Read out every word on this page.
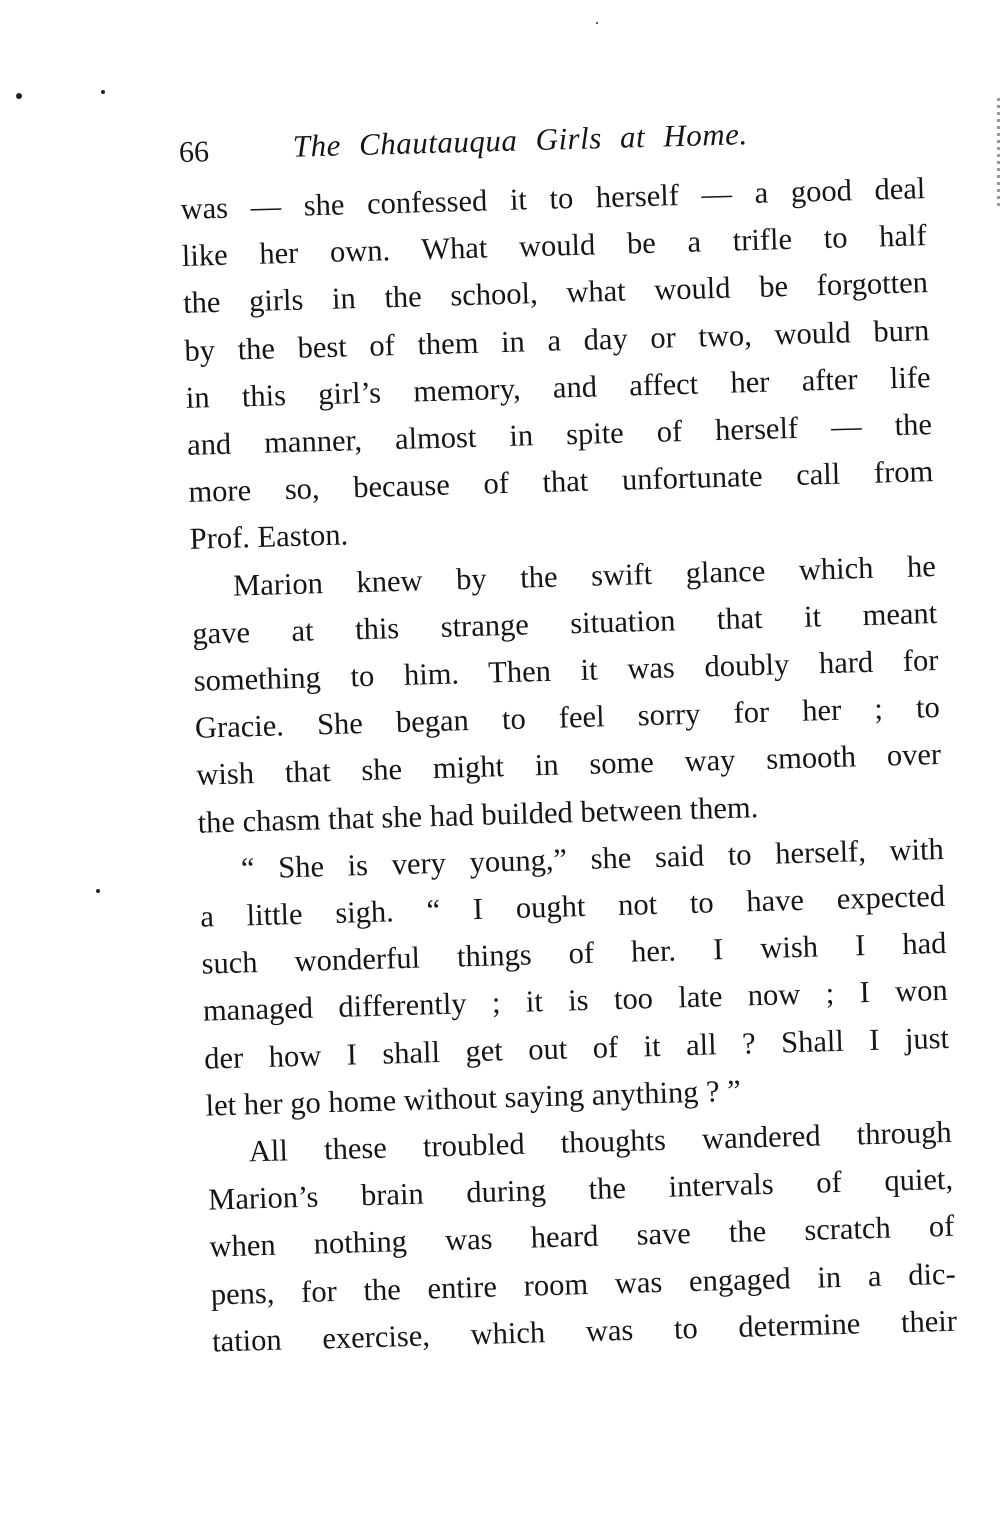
66	The Chautauqua Girls at Home.
was — she confessed it to herself — a good deal
like her own. What would be a trifle to half
the girls in the school, what would be forgotten
by the best of them in a day or two, would burn
in this girl’s memory, and affect her after life
and manner, almost in spite of herself — the
more so, because of that unfortunate call from
Prof. Easton.
Marion knew by the swift glance which he
gave at this strange situation that it meant
something to him. Then it was doubly hard for
Gracie. She began to feel sorry for her ; to
wish that she might in some way smooth over
the chasm that she had builded between them.
“ She is very young,” she said to herself, with
a little sigh. “ I ought not to have expected
such wonderful things of her. I wish I had
managed differently ; it is too late now ; I won
der how I shall get out of it all ? Shall I just
let her go home without saying anything ? ”
All these troubled thoughts wandered through
Marion’s brain during the intervals of quiet,
when nothing was heard save the scratch of
pens, for the entire room was engaged in a dic-
tation exercise, which was to determine their
